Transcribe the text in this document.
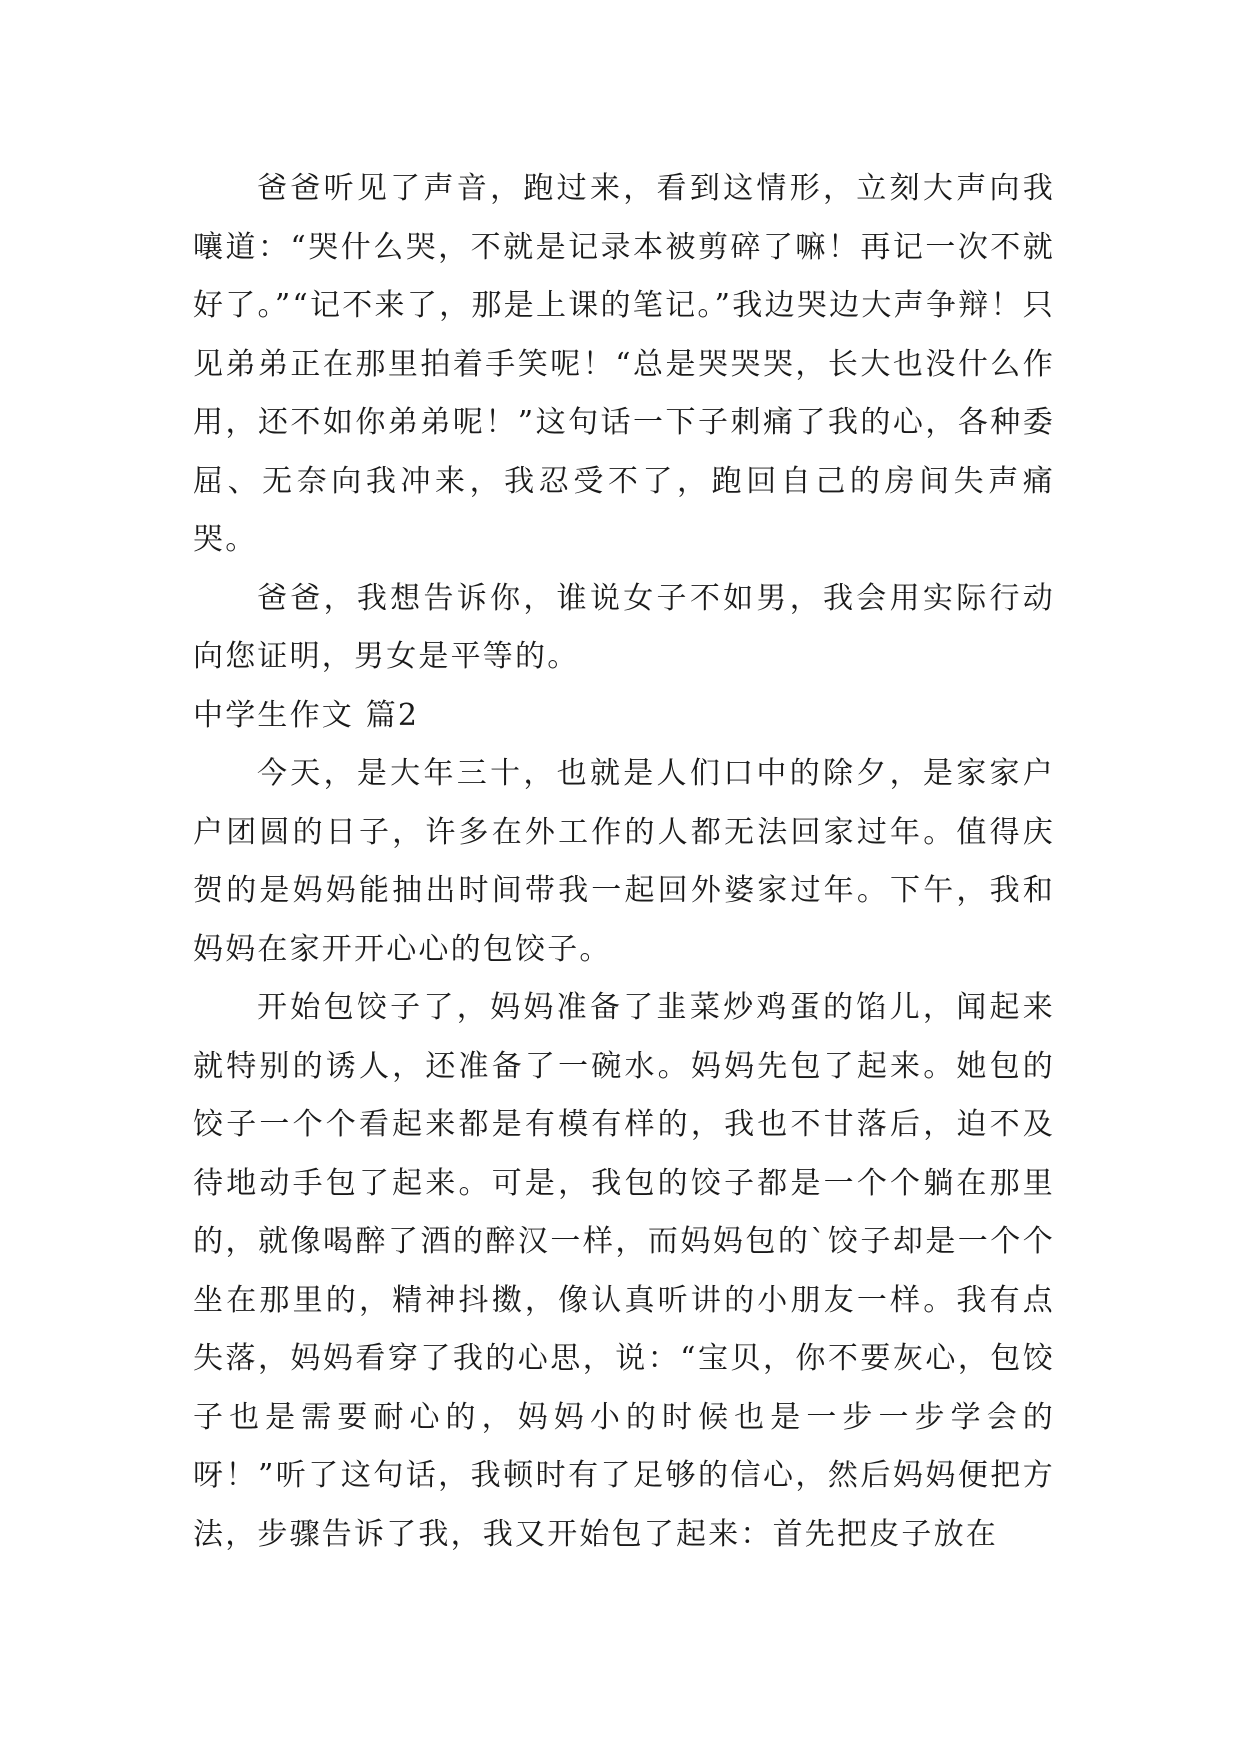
爸爸听见了声音，跑过来，看到这情形，立刻大声向我嚷道：“哭什么哭，不就是记录本被剪碎了嘛！再记一次不就好了。”“记不来了，那是上课的笔记。”我边哭边大声争辩！只见弟弟正在那里拍着手笑呢！“总是哭哭哭，长大也没什么作用，还不如你弟弟呢！”这句话一下子刺痛了我的心，各种委屈、无奈向我冲来，我忍受不了，跑回自己的房间失声痛哭。

爸爸，我想告诉你，谁说女子不如男，我会用实际行动向您证明，男女是平等的。

中学生作文 篇2

今天，是大年三十，也就是人们口中的除夕，是家家户户团圆的日子，许多在外工作的人都无法回家过年。值得庆贺的是妈妈能抽出时间带我一起回外婆家过年。下午，我和妈妈在家开开心心的包饺子。

开始包饺子了，妈妈准备了韭菜炒鸡蛋的馅儿，闻起来就特别的诱人，还准备了一碗水。妈妈先包了起来。她包的饺子一个个看起来都是有模有样的，我也不甘落后，迫不及待地动手包了起来。可是，我包的饺子都是一个个躺在那里的，就像喝醉了酒的醉汉一样，而妈妈包的`饺子却是一个个坐在那里的，精神抖擞，像认真听讲的小朋友一样。我有点失落，妈妈看穿了我的心思，说：“宝贝，你不要灰心，包饺子也是需要耐心的，妈妈小的时候也是一步一步学会的呀！”听了这句话，我顿时有了足够的信心，然后妈妈便把方法，步骤告诉了我，我又开始包了起来：首先把皮子放在
